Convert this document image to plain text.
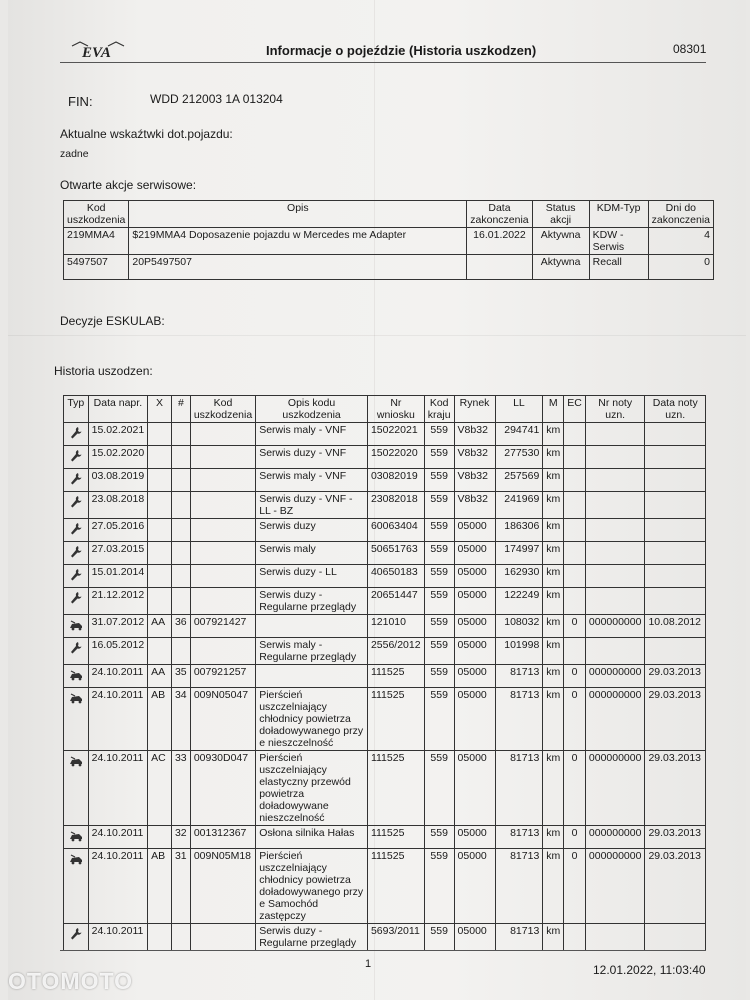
EVA	Informacje o pojeździe (Historia uszkodzen)	08301
FIN:	WDD 212003 1A 013204
Aktualne wskaźtwki dot.pojazdu:
zadne
Otwarte akcje serwisowe:
Kod uszkodzenia	Opis	Data zakonczenia	Status akcji	KDM-Typ	Dni do zakonczenia
219MMA4	$219MMA4 Doposazenie pojazdu w Mercedes me Adapter	16.01.2022	Aktywna	KDW - Serwis	4
5497507	20P5497507		Aktywna	Recall	0
Decyzje ESKULAB:
Historia uszodzen:
Typ	Data napr.	X	#	Kod uszkodzenia	Opis kodu uszkodzenia	Nr wniosku	Kod kraju	Rynek	LL	M	EC	Nr noty uzn.	Data noty uzn.

	15.02.2021				Serwis maly - VNF	15022021	559	V8b32	294741	km			

	15.02.2020				Serwis duzy - VNF	15022020	559	V8b32	277530	km			

	03.08.2019				Serwis maly - VNF	03082019	559	V8b32	257569	km			

	23.08.2018				Serwis duzy - VNF - LL - BZ	23082018	559	V8b32	241969	km			

	27.05.2016				Serwis duzy	60063404	559	05000	186306	km			

	27.03.2015				Serwis maly	50651763	559	05000	174997	km			

	15.01.2014				Serwis duzy - LL	40650183	559	05000	162930	km			

	21.12.2012				Serwis duzy - Regularne przeglądy	20651447	559	05000	122249	km			

	31.07.2012	AA	36	007921427		121010	559	05000	108032	km	0	000000000	10.08.2012

	16.05.2012				Serwis maly - Regularne przeglądy	2556/2012	559	05000	101998	km			

	24.10.2011	AA	35	007921257		111525	559	05000	81713	km	0	000000000	29.03.2013

	24.10.2011	AB	34	009N05047	Pierścień uszczelniający chłodnicy powietrza doładowywanego przy e nieszczelność	111525	559	05000	81713	km	0	000000000	29.03.2013

	24.10.2011	AC	33	00930D047	Pierścień uszczelniający elastyczny przewód powietrza doładowywane nieszczelność	111525	559	05000	81713	km	0	000000000	29.03.2013

	24.10.2011		32	001312367	Osłona silnika Hałas	111525	559	05000	81713	km	0	000000000	29.03.2013

	24.10.2011	AB	31	009N05M18	Pierścień uszczelniający chłodnicy powietrza doładowywanego przy e Samochód zastępczy	111525	559	05000	81713	km	0	000000000	29.03.2013

	24.10.2011				Serwis duzy - Regularne przeglądy	5693/2011	559	05000	81713	km			
1	12.01.2022, 11:03:40
OTOMOTO
